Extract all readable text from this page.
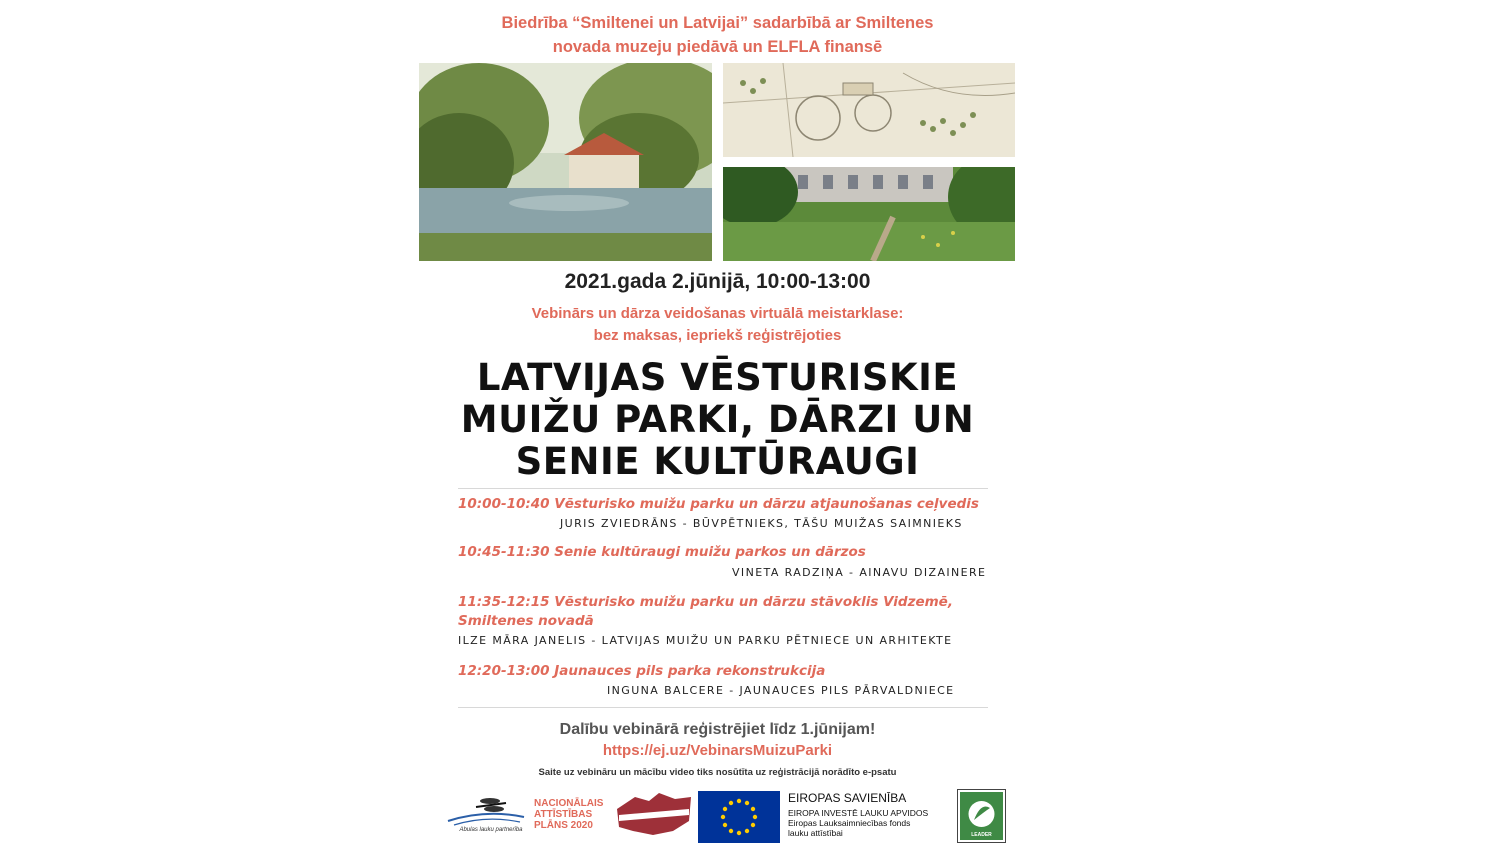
Biedrība “Smiltenei un Latvijai” sadarbībā ar Smiltenes
novada muzeju piedāvā un ELFLA finansē
2021.gada 2.jūnijā, 10:00-13:00
Vebinārs un dārza veidošanas virtuālā meistarklase:
bez maksas, iepriekš reģistrējoties
LATVIJAS VĒSTURISKIE
MUIŽU PARKI, DĀRZI UN
SENIE KULTŪRAUGI
10:00-10:40 Vēsturisko muižu parku un dārzu atjaunošanas ceļvedis
JURIS ZVIEDRĀNS - BŪVPĒTNIEKS, TĀŠU MUIŽAS SAIMNIEKS
10:45-11:30 Senie kultūraugi muižu parkos un dārzos
VINETA RADZIŅA - AINAVU DIZAINERE
11:35-12:15 Vēsturisko muižu parku un dārzu stāvoklis Vidzemē,
Smiltenes novadā
ILZE MĀRA JANELIS - LATVIJAS MUIŽU UN PARKU PĒTNIECE UN ARHITEKTE
12:20-13:00 Jaunauces pils parka rekonstrukcija
INGUNA BALCERE - JAUNAUCES PILS PĀRVALDNIECE
Dalību vebinārā reģistrējiet līdz 1.jūnijam!
https://ej.uz/VebinarsMuizuParki
Saite uz vebināru un mācību video tiks nosūtīta uz reģistrācijā norādīto e-psatu
Abulas lauku partnerība
NACIONĀLAIS
ATTĪSTĪBAS
PLĀNS 2020
EIROPAS SAVIENĪBA
EIROPA INVESTĒ LAUKU APVIDOS
Eiropas Lauksaimniecības fonds
lauku attīstībai	LEADER
